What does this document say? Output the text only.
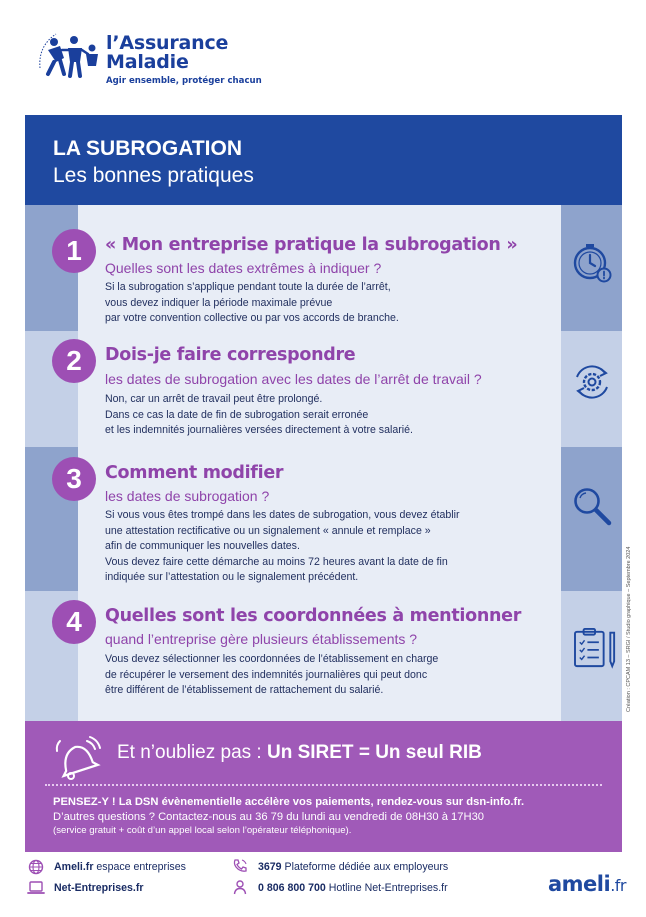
l’Assurance
Maladie
Agir ensemble, protéger chacun
LA SUBROGATION
Les bonnes pratiques
1	« Mon entreprise pratique la subrogation »
Quelles sont les dates extrêmes à indiquer ?
Si la subrogation s’applique pendant toute la durée de l’arrêt,
vous devez indiquer la période maximale prévue
par votre convention collective ou par vos accords de branche.
2	Dois-je faire correspondre
les dates de subrogation avec les dates de l’arrêt de travail ?
Non, car un arrêt de travail peut être prolongé.
Dans ce cas la date de fin de subrogation serait erronée
et les indemnités journalières versées directement à votre salarié.
3	Comment modifier
les dates de subrogation ?
Si vous vous êtes trompé dans les dates de subrogation, vous devez établir
une attestation rectificative ou un signalement « annule et remplace »
afin de communiquer les nouvelles dates.
Vous devez faire cette démarche au moins 72 heures avant la date de fin
indiquée sur l’attestation ou le signalement précédent.
4	Quelles sont les coordonnées à mentionner
quand l’entreprise gère plusieurs établissements ?
Vous devez sélectionner les coordonnées de l’établissement en charge
de récupérer le versement des indemnités journalières qui peut donc
être différent de l’établissement de rattachement du salarié.
Et n’oubliez pas : Un SIRET = Un seul RIB
PENSEZ-Y ! La DSN évènementielle accélère vos paiements, rendez-vous sur dsn-info.fr.
D’autres questions ? Contactez-nous au 36 79 du lundi au vendredi de 08H30 à 17H30
(service gratuit + coût d’un appel local selon l’opérateur téléphonique).
Création : CPCAM 13 – SRGI / Studio graphique – Septembre 2024
Ameli.fr espace entreprises
Net-Entreprises.fr
3679 Plateforme dédiée aux employeurs
0 806 800 700 Hotline Net-Entreprises.fr	ameli.fr
